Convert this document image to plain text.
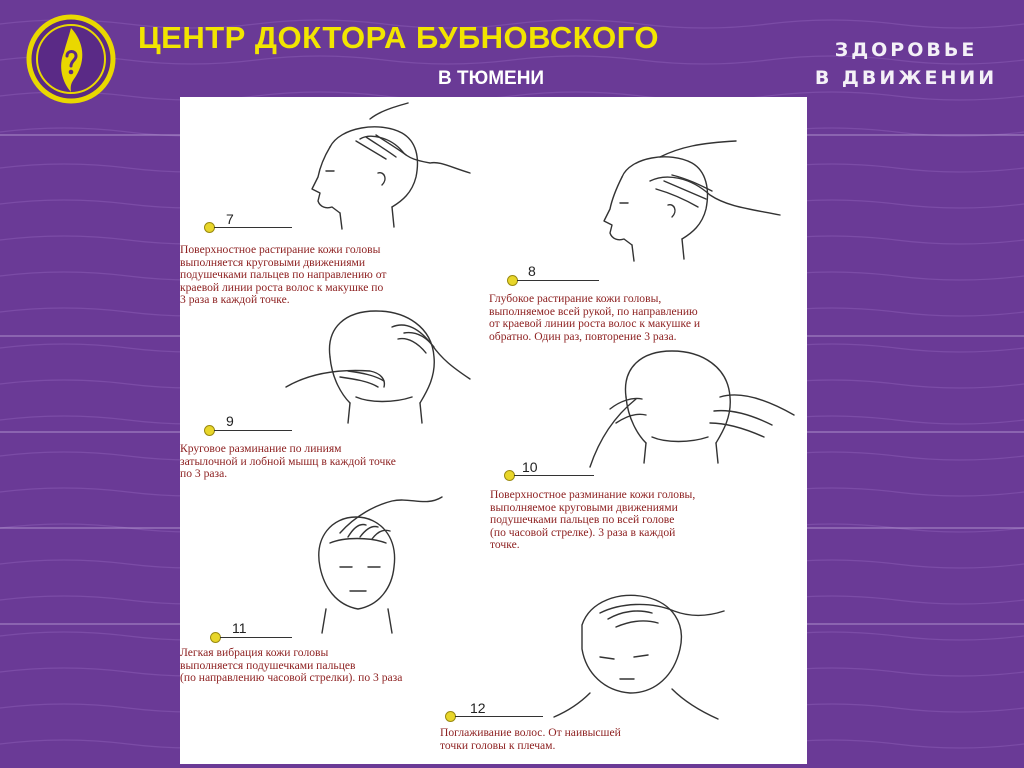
ЦЕНТР ДОКТОРА БУБНОВСКОГО
В ТЮМЕНИ
ЗДОРОВЬЕ
В ДВИЖЕНИИ
7
Поверхностное растирание кожи головы
выполняется круговыми движениями
подушечками пальцев по направлению от
краевой линии роста волос к макушке по
3 раза в каждой точке.
8
Глубокое растирание кожи головы,
выполняемое всей рукой, по направлению
от краевой линии роста волос к макушке и
обратно. Один раз, повторение 3 раза.
9
Круговое разминание по линиям
затылочной и лобной мышц в каждой точке
по 3 раза.	10
Поверхностное разминание кожи головы,
выполняемое круговыми движениями
подушечками пальцев по всей голове
(по часовой стрелке). 3 раза в каждой
точке.
11
Легкая вибрация кожи головы
выполняется подушечками пальцев
(по направлению часовой стрелки). по 3 раза
12
Поглаживание волос. От наивысшей
точки головы к плечам.
